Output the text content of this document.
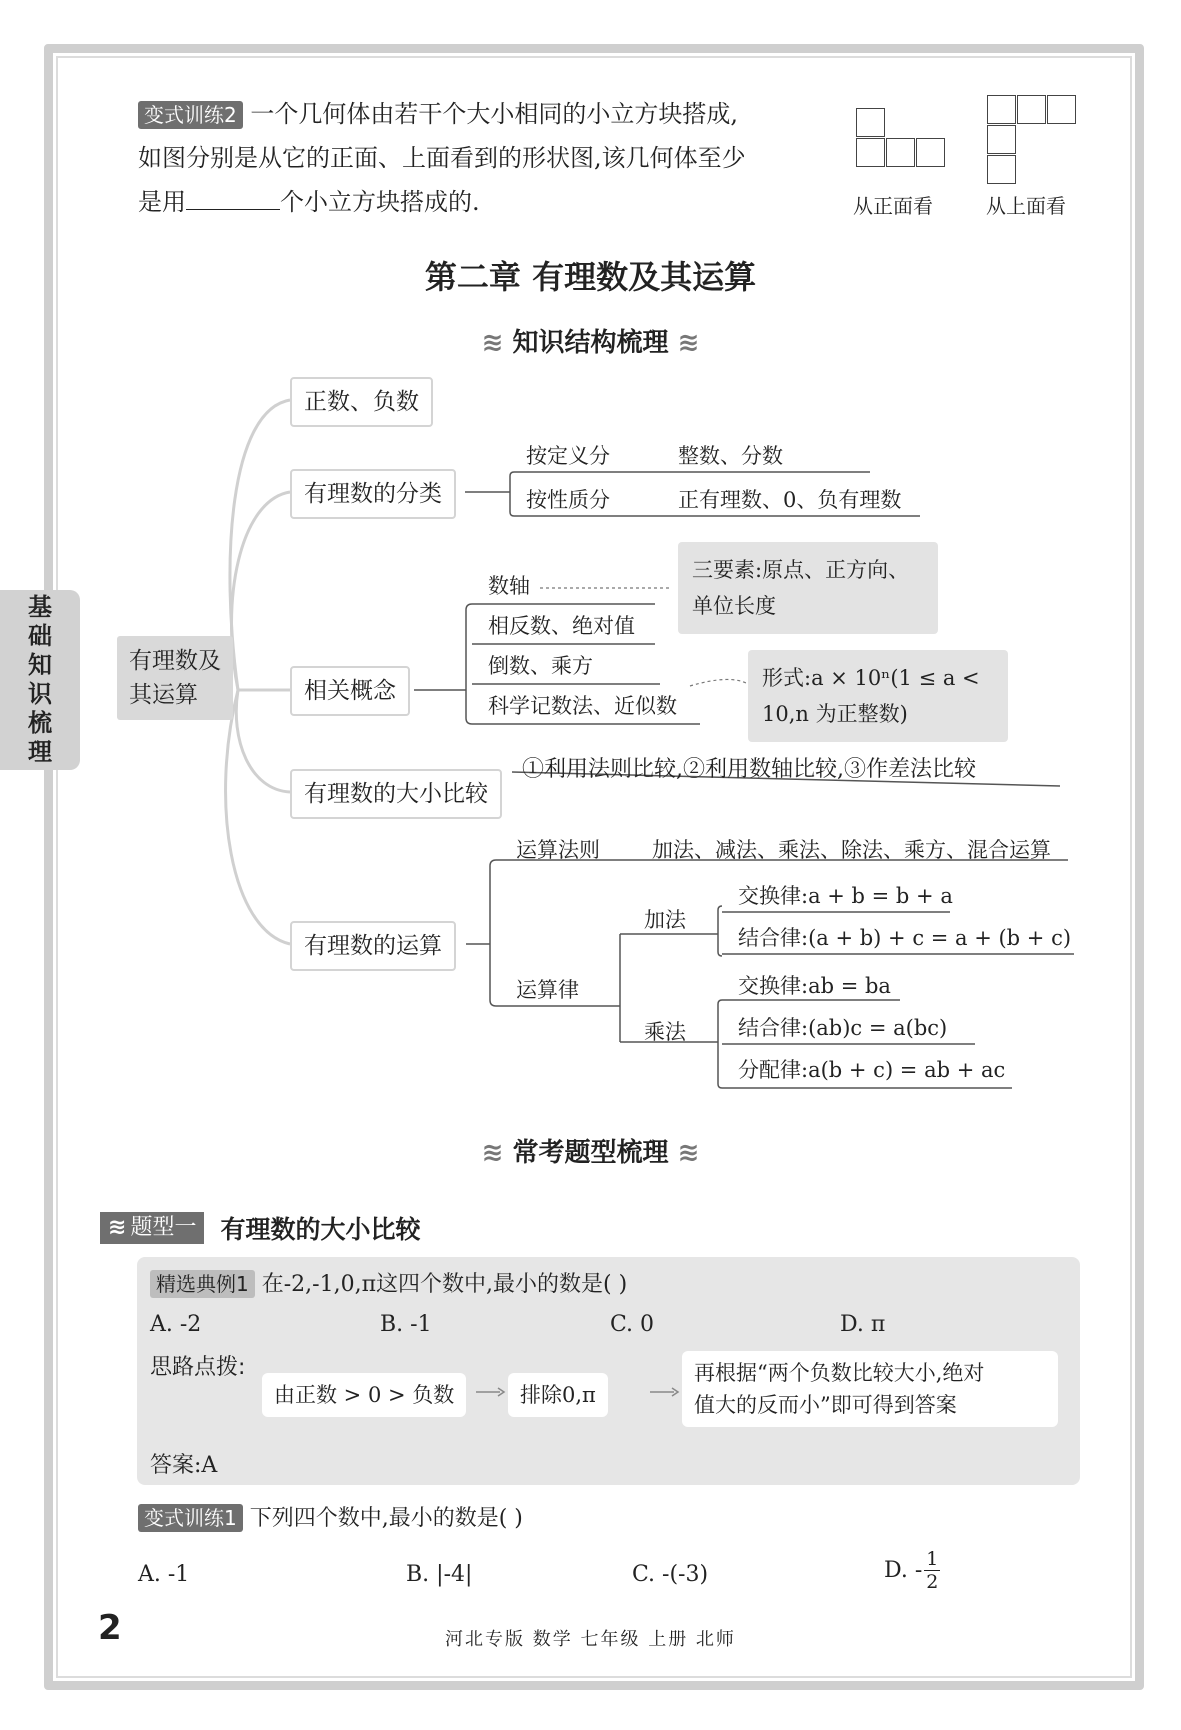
基
础
知
识
梳
理
变式训练2 一个几何体由若干个大小相同的小立方块搭成,
如图分别是从它的正面、上面看到的形状图,该几何体至少
是用	个小立方块搭成的.	从正面看	从上面看
第二章 有理数及其运算
≋ 知识结构梳理 ≋
有理数及
其运算
正数、负数
有理数的分类
按定义分	整数、分数
按性质分	正有理数、0、负有理数
相关概念
数轴
相反数、绝对值
倒数、乘方
科学记数法、近似数
三要素:原点、正方向、
单位长度
形式:a × 10ⁿ(1 ≤ a <
10,n 为正整数)
有理数的大小比较
①利用法则比较,②利用数轴比较,③作差法比较
有理数的运算
运算法则 加法、减法、乘法、除法、乘方、混合运算
运算律
加法
交换律:a + b = b + a
结合律:(a + b) + c = a + (b + c)
乘法
交换律:ab = ba
结合律:(ab)c = a(bc)
分配律:a(b + c) = ab + ac
≋ 常考题型梳理 ≋
≋ 题型一 有理数的大小比较
精选典例1 在-2,-1,0,π这四个数中,最小的数是( )
A. -2	B. -1	C. 0	D. π
思路点拨:
由正数 > 0 > 负数	排除0,π
再根据“两个负数比较大小,绝对
值大的反而小”即可得到答案
答案:A
变式训练1 下列四个数中,最小的数是( )
A. -1	B. |-4|	C. -(-3)	D. - $\frac{1}{2}$
2	河北专版 数学 七年级 上册 北师
